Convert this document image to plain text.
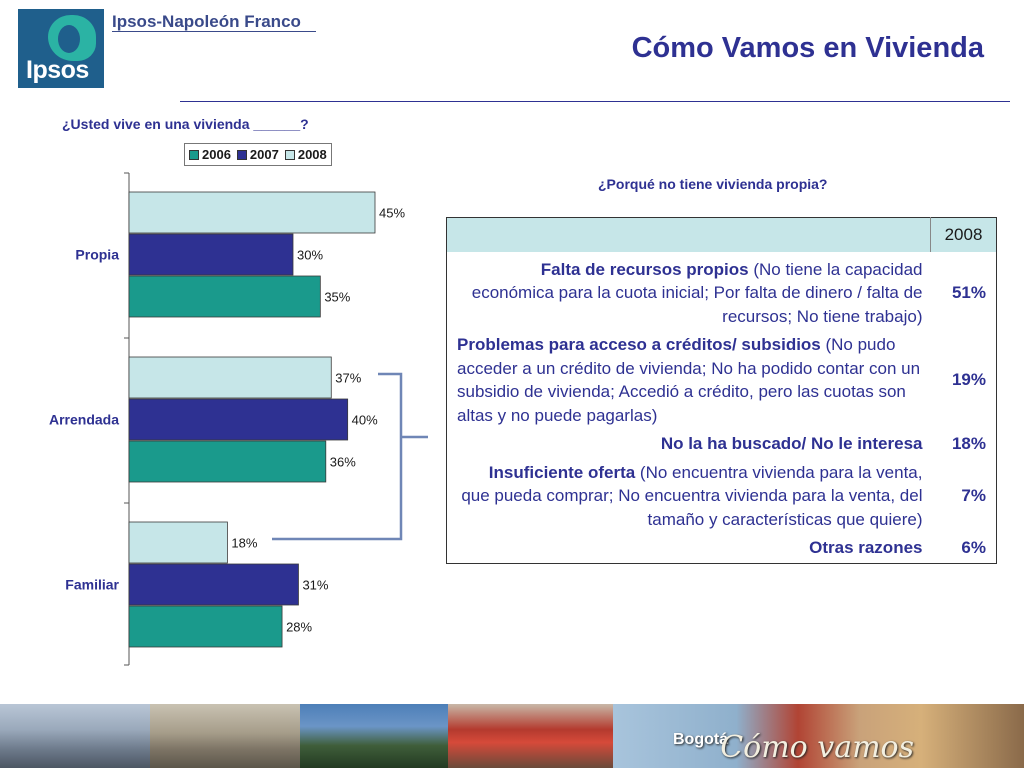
Ipsos
Ipsos-Napoleón Franco
Cómo Vamos en Vivienda
¿Usted vive en una vivienda ______?
45%
30%
35%
Propia
37%
40%
36%
Arrendada
18%
31%
28%
Familiar
2006 2007 2008
¿Porqué no tiene vivienda propia?
	2008
Falta de recursos propios (No tiene la capacidad económica para la cuota inicial; Por falta de dinero / falta de recursos; No tiene trabajo)	51%
Problemas para acceso a créditos/ subsidios (No pudo acceder a un crédito de vivienda; No ha podido contar con un subsidio de vivienda; Accedió a crédito, pero las cuotas son altas y no puede pagarlas)	19%
No la ha buscado/ No le interesa	18%
Insuficiente oferta (No encuentra vivienda para la venta, que pueda comprar; No encuentra vivienda para la venta, del tamaño y características que quiere)	7%
Otras razones	6%
Bogotá
Cómo vamos
